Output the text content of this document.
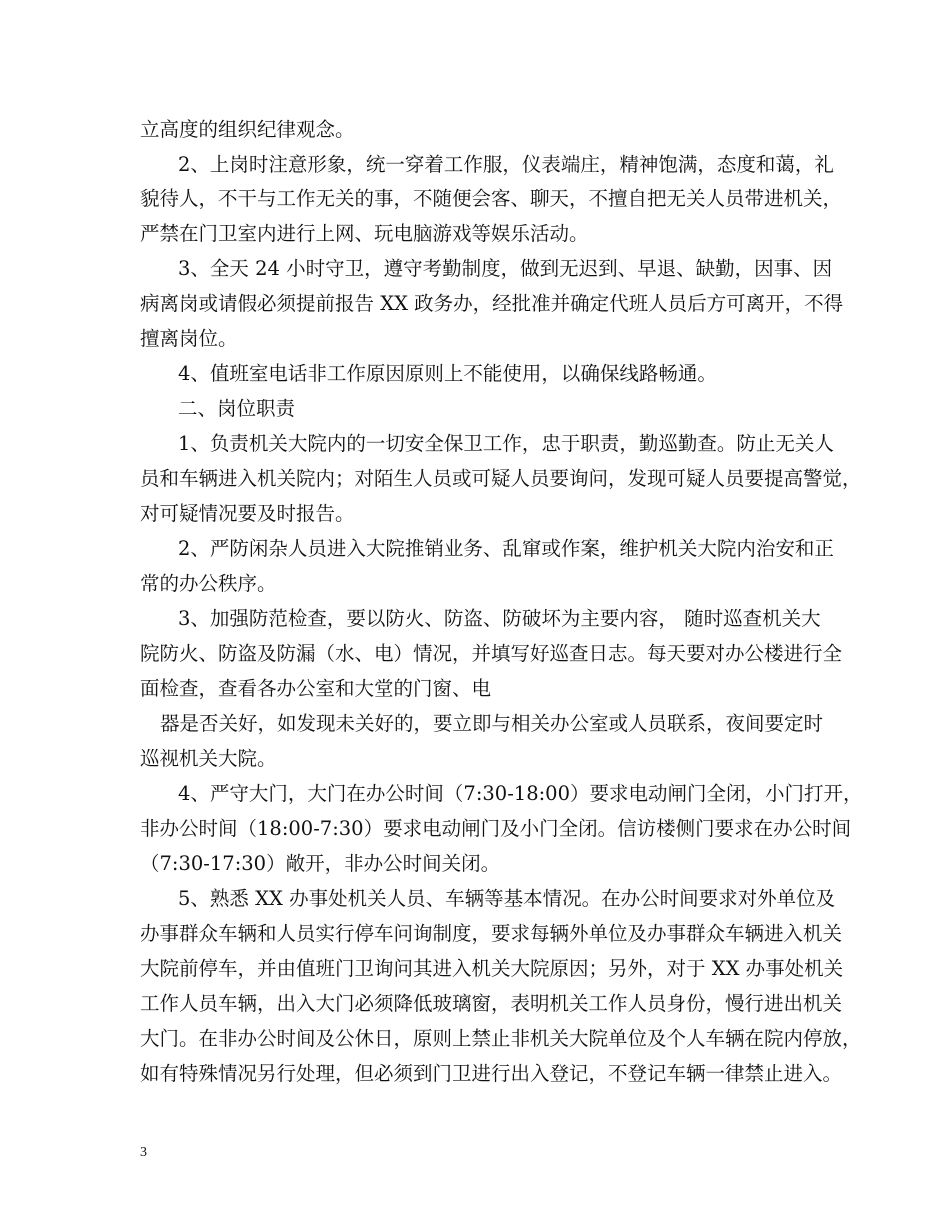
立高度的组织纪律观念。
2、上岗时注意形象，统一穿着工作服，仪表端庄，精神饱满，态度和蔼，礼
貌待人，不干与工作无关的事，不随便会客、聊天，不擅自把无关人员带进机关，
严禁在门卫室内进行上网、玩电脑游戏等娱乐活动。
3、全天 24 小时守卫，遵守考勤制度，做到无迟到、早退、缺勤，因事、因
病离岗或请假必须提前报告 XX 政务办，经批准并确定代班人员后方可离开，不得
擅离岗位。
4、值班室电话非工作原因原则上不能使用，以确保线路畅通。
二、岗位职责
1、负责机关大院内的一切安全保卫工作，忠于职责，勤巡勤查。防止无关人
员和车辆进入机关院内；对陌生人员或可疑人员要询问，发现可疑人员要提高警觉，
对可疑情况要及时报告。
2、严防闲杂人员进入大院推销业务、乱窜或作案，维护机关大院内治安和正
常的办公秩序。
3、加强防范检查，要以防火、防盗、防破坏为主要内容， 随时巡查机关大
院防火、防盗及防漏（水、电）情况，并填写好巡查日志。每天要对办公楼进行全
面检查，查看各办公室和大堂的门窗、电
器是否关好，如发现未关好的，要立即与相关办公室或人员联系，夜间要定时
巡视机关大院。
4、严守大门，大门在办公时间（7:30-18:00）要求电动闸门全闭，小门打开，
非办公时间（18:00-7:30）要求电动闸门及小门全闭。信访楼侧门要求在办公时间
（7:30-17:30）敞开，非办公时间关闭。
5、熟悉 XX 办事处机关人员、车辆等基本情况。在办公时间要求对外单位及
办事群众车辆和人员实行停车问询制度，要求每辆外单位及办事群众车辆进入机关
大院前停车，并由值班门卫询问其进入机关大院原因；另外，对于 XX 办事处机关
工作人员车辆，出入大门必须降低玻璃窗，表明机关工作人员身份，慢行进出机关
大门。在非办公时间及公休日，原则上禁止非机关大院单位及个人车辆在院内停放，
如有特殊情况另行处理，但必须到门卫进行出入登记，不登记车辆一律禁止进入。
3
